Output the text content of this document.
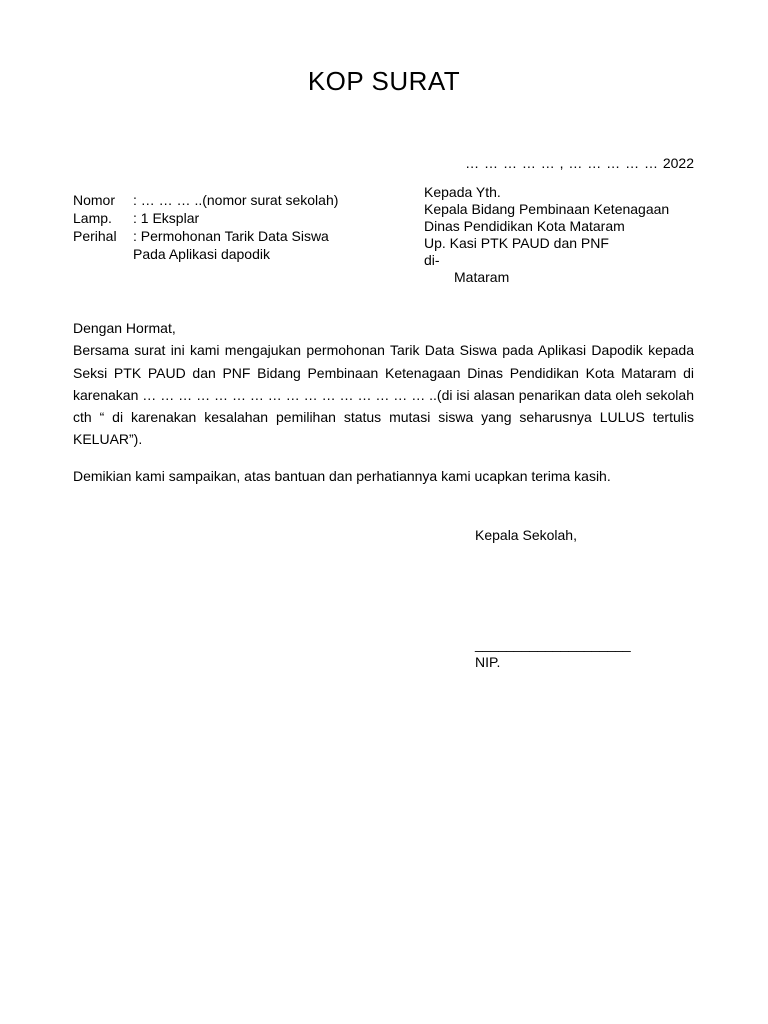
KOP SURAT
… … … … … , … … … … … 2022
Nomor	: … … … ..(nomor surat sekolah)
Lamp.	: 1 Eksplar
Perihal	: Permohonan Tarik Data Siswa
Pada Aplikasi dapodik
Kepada Yth.
Kepala Bidang Pembinaan Ketenagaan
Dinas Pendidikan Kota Mataram
Up. Kasi PTK PAUD dan PNF
di-
Mataram

Dengan Hormat,

Bersama surat ini kami mengajukan permohonan Tarik Data Siswa pada Aplikasi Dapodik kepada Seksi PTK PAUD dan PNF Bidang Pembinaan Ketenagaan Dinas Pendidikan Kota Mataram di karenakan … … … … … … … … … … … … … … … … ..(di isi alasan penarikan data oleh sekolah cth “ di karenakan kesalahan pemilihan status mutasi siswa yang seharusnya LULUS tertulis KELUAR”).

Demikian kami sampaikan, atas bantuan dan perhatiannya kami ucapkan terima kasih.
Kepala Sekolah,
____________________
NIP.
